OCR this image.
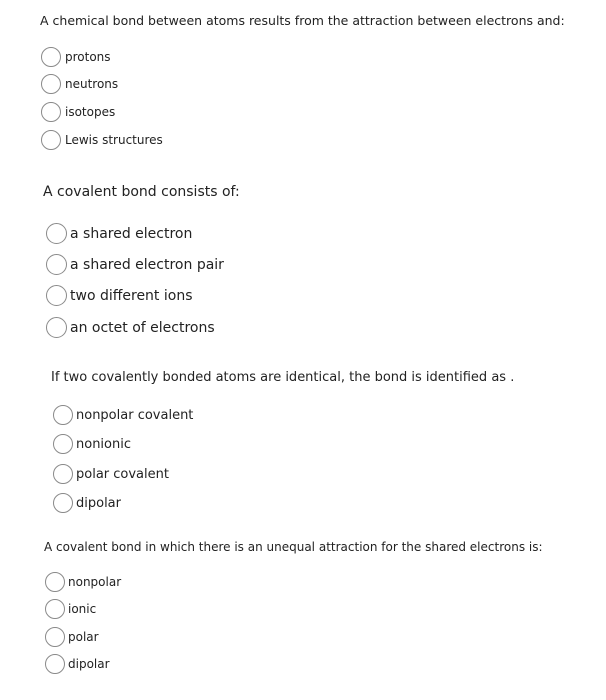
A chemical bond between atoms results from the attraction between electrons and:

protons
neutrons
isotopes
Lewis structures

A covalent bond consists of:

a shared electron
a shared electron pair
two different ions
an octet of electrons

If two covalently bonded atoms are identical, the bond is identified as .

nonpolar covalent
nonionic
polar covalent
dipolar

A covalent bond in which there is an unequal attraction for the shared electrons is:

nonpolar
ionic
polar
dipolar
